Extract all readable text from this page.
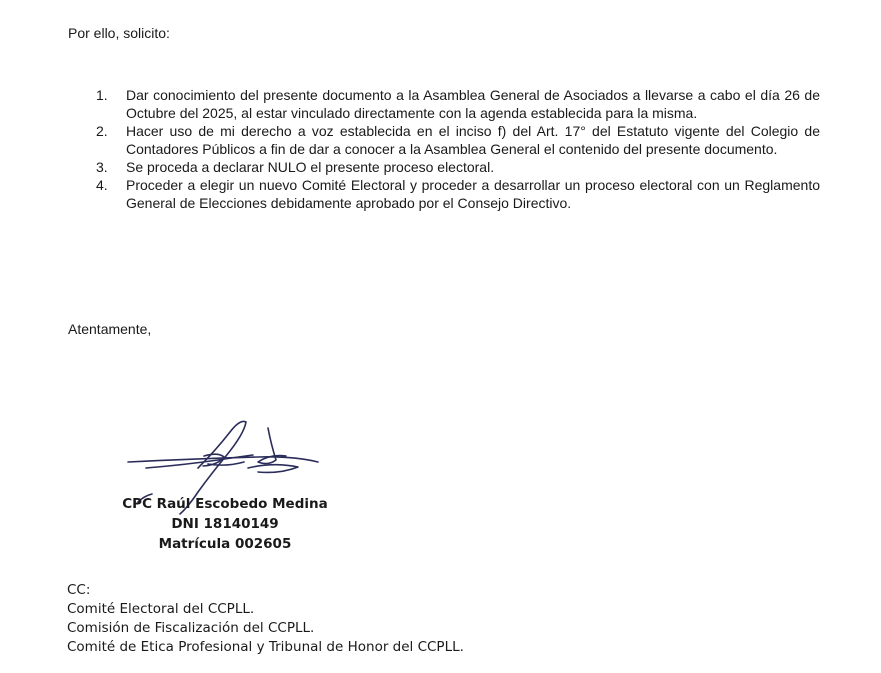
Por ello, solicito:
1.	Dar conocimiento del presente documento a la Asamblea General de Asociados a llevarse a cabo el día 26 de Octubre del 2025, al estar vinculado directamente con la agenda establecida para la misma.
2.	Hacer uso de mi derecho a voz establecida en el inciso f) del Art. 17° del Estatuto vigente del Colegio de Contadores Públicos a fin de dar a conocer a la Asamblea General el contenido del presente documento.
3.	Se proceda a declarar NULO el presente proceso electoral.
4.	Proceder a elegir un nuevo Comité Electoral y proceder a desarrollar un proceso electoral con un Reglamento General de Elecciones debidamente aprobado por el Consejo Directivo.
Atentamente,
CPC Raúl Escobedo Medina
DNI 18140149
Matrícula 002605
CC:
Comité Electoral del CCPLL.
Comisión de Fiscalización del CCPLL.
Comité de Etica Profesional y Tribunal de Honor del CCPLL.
